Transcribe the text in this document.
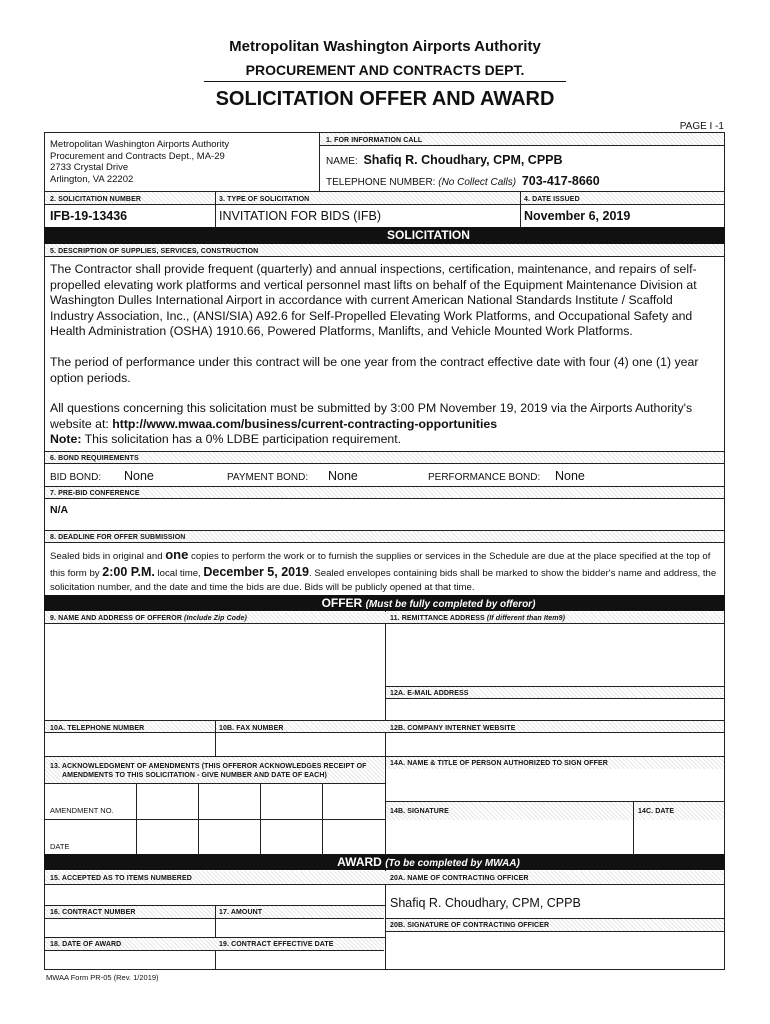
Metropolitan Washington Airports Authority
PROCUREMENT AND CONTRACTS DEPT.
SOLICITATION OFFER AND AWARD
PAGE I -1
Metropolitan Washington Airports Authority
Procurement and Contracts Dept., MA-29
2733 Crystal Drive
Arlington, VA 22202
1. FOR INFORMATION CALL
NAME: Shafiq R. Choudhary, CPM, CPPB
TELEPHONE NUMBER: (No Collect Calls) 703-417-8660
2. SOLICITATION NUMBER	3. TYPE OF SOLICITATION	4. DATE ISSUED
IFB-19-13436	INVITATION FOR BIDS (IFB)	November 6, 2019
SOLICITATION
5. DESCRIPTION OF SUPPLIES, SERVICES, CONSTRUCTION
The Contractor shall provide frequent (quarterly) and annual inspections, certification, maintenance, and repairs of self-propelled elevating work platforms and vertical personnel mast lifts on behalf of the Equipment Maintenance Division at Washington Dulles International Airport in accordance with current American National Standards Institute / Scaffold Industry Association, Inc., (ANSI/SIA) A92.6 for Self-Propelled Elevating Work Platforms, and Occupational Safety and Health Administration (OSHA) 1910.66, Powered Platforms, Manlifts, and Vehicle Mounted Work Platforms.
The period of performance under this contract will be one year from the contract effective date with four (4) one (1) year option periods.
All questions concerning this solicitation must be submitted by 3:00 PM November 19, 2019 via the Airports Authority's website at: http://www.mwaa.com/business/current-contracting-opportunities
Note: This solicitation has a 0% LDBE participation requirement.
6. BOND REQUIREMENTS
BID BOND: None	PAYMENT BOND: None	PERFORMANCE BOND: None
7. PRE-BID CONFERENCE
N/A
8. DEADLINE FOR OFFER SUBMISSION
Sealed bids in original and one copies to perform the work or to furnish the supplies or services in the Schedule are due at the place specified at the top of this form by 2:00 P.M. local time, December 5, 2019. Sealed envelopes containing bids shall be marked to show the bidder's name and address, the solicitation number, and the date and time the bids are due. Bids will be publicly opened at that time.
OFFER (Must be fully completed by offeror)
9. NAME AND ADDRESS OF OFFEROR (Include Zip Code)	11. REMITTANCE ADDRESS (If different than Item9)
12A. E-MAIL ADDRESS
10A. TELEPHONE NUMBER	10B. FAX NUMBER	12B. COMPANY INTERNET WEBSITE
13. ACKNOWLEDGMENT OF AMENDMENTS (THIS OFFEROR ACKNOWLEDGES RECEIPT OF
AMENDMENTS TO THIS SOLICITATION - GIVE NUMBER AND DATE OF EACH)
14A. NAME & TITLE OF PERSON AUTHORIZED TO SIGN OFFER
AMENDMENT NO.
DATE
14B. SIGNATURE	14C. DATE
AWARD (To be completed by MWAA)
15. ACCEPTED AS TO ITEMS NUMBERED	20A. NAME OF CONTRACTING OFFICER
Shafiq R. Choudhary, CPM, CPPB
16. CONTRACT NUMBER	17. AMOUNT
20B. SIGNATURE OF CONTRACTING OFFICER
18. DATE OF AWARD	19. CONTRACT EFFECTIVE DATE
MWAA Form PR-05 (Rev. 1/2019)
